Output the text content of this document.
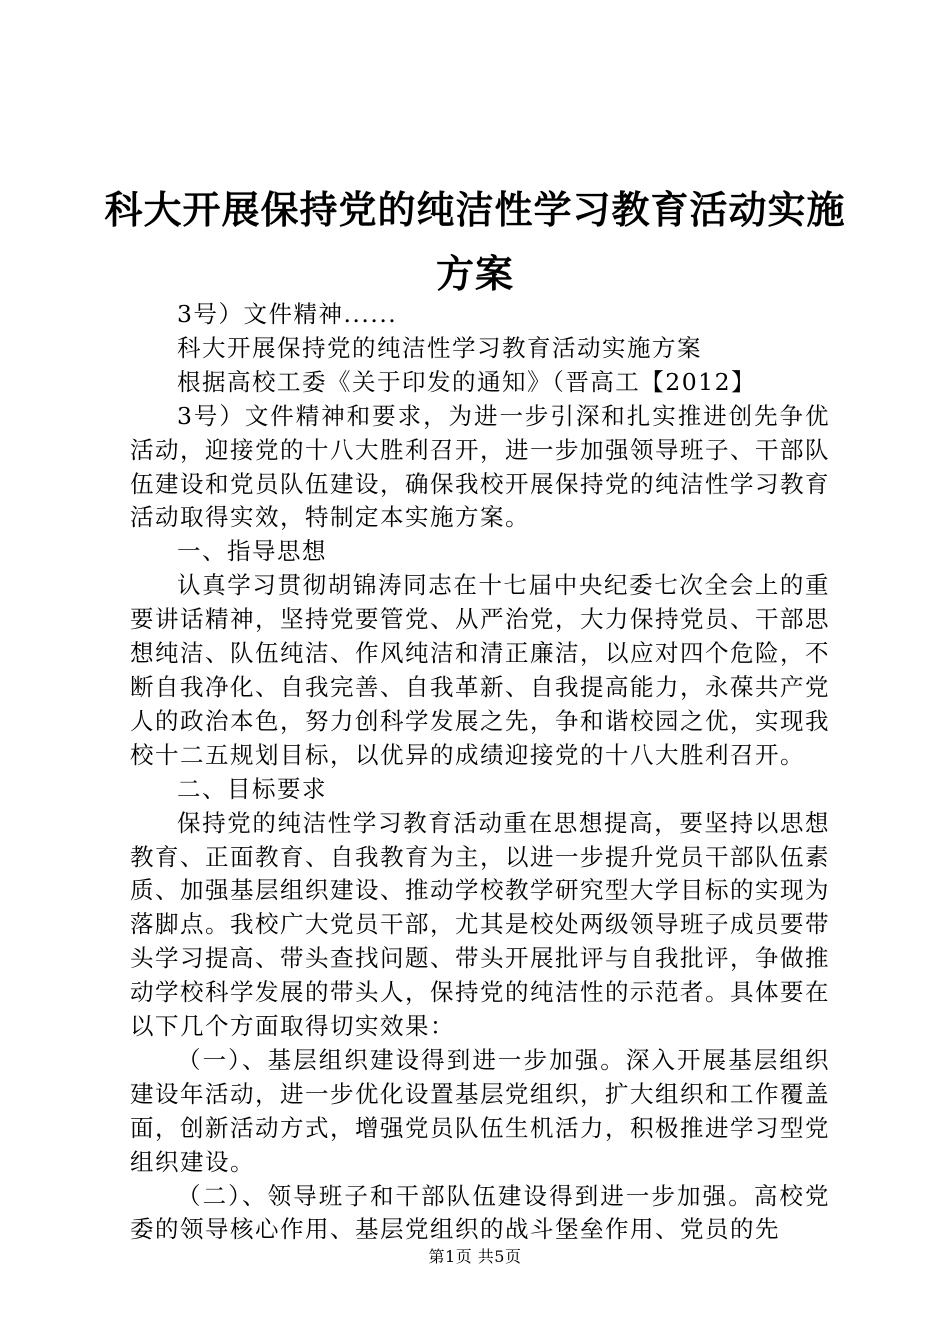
科大开展保持党的纯洁性学习教育活动实施方案

3号）文件精神......

科大开展保持党的纯洁性学习教育活动实施方案

根据高校工委《关于印发的通知》（晋高工【2012】

3号）文件精神和要求，为进一步引深和扎实推进创先争优活动，迎接党的十八大胜利召开，进一步加强领导班子、干部队伍建设和党员队伍建设，确保我校开展保持党的纯洁性学习教育活动取得实效，特制定本实施方案。

一、指导思想

认真学习贯彻胡锦涛同志在十七届中央纪委七次全会上的重要讲话精神，坚持党要管党、从严治党，大力保持党员、干部思想纯洁、队伍纯洁、作风纯洁和清正廉洁，以应对四个危险，不断自我净化、自我完善、自我革新、自我提高能力，永葆共产党人的政治本色，努力创科学发展之先，争和谐校园之优，实现我校十二五规划目标，以优异的成绩迎接党的十八大胜利召开。

二、目标要求

保持党的纯洁性学习教育活动重在思想提高，要坚持以思想教育、正面教育、自我教育为主，以进一步提升党员干部队伍素质、加强基层组织建设、推动学校教学研究型大学目标的实现为落脚点。我校广大党员干部，尤其是校处两级领导班子成员要带头学习提高、带头查找问题、带头开展批评与自我批评，争做推动学校科学发展的带头人，保持党的纯洁性的示范者。具体要在以下几个方面取得切实效果：

（一）、基层组织建设得到进一步加强。深入开展基层组织建设年活动，进一步优化设置基层党组织，扩大组织和工作覆盖面，创新活动方式，增强党员队伍生机活力，积极推进学习型党组织建设。

（二）、领导班子和干部队伍建设得到进一步加强。高校党委的领导核心作用、基层党组织的战斗堡垒作用、党员的先

第1页 共5页
